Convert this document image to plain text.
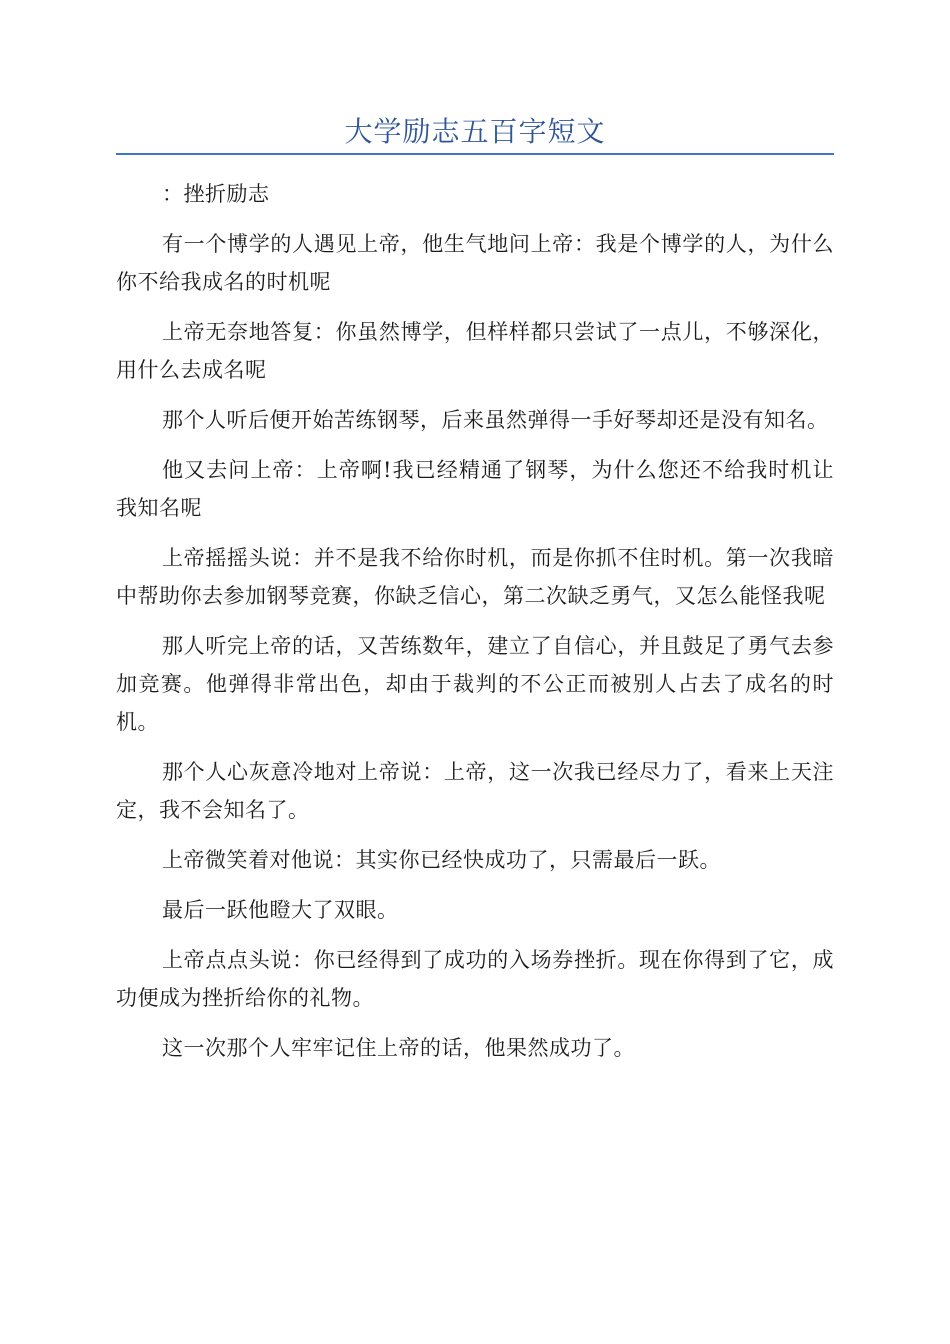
大学励志五百字短文

：挫折励志

有一个博学的人遇见上帝，他生气地问上帝：我是个博学的人，为什么你不给我成名的时机呢

上帝无奈地答复：你虽然博学，但样样都只尝试了一点儿，不够深化，用什么去成名呢

那个人听后便开始苦练钢琴，后来虽然弹得一手好琴却还是没有知名。

他又去问上帝：上帝啊!我已经精通了钢琴，为什么您还不给我时机让我知名呢

上帝摇摇头说：并不是我不给你时机，而是你抓不住时机。第一次我暗中帮助你去参加钢琴竞赛，你缺乏信心，第二次缺乏勇气，又怎么能怪我呢

那人听完上帝的话，又苦练数年，建立了自信心，并且鼓足了勇气去参加竞赛。他弹得非常出色，却由于裁判的不公正而被别人占去了成名的时机。

那个人心灰意冷地对上帝说：上帝，这一次我已经尽力了，看来上天注定，我不会知名了。

上帝微笑着对他说：其实你已经快成功了，只需最后一跃。

最后一跃他瞪大了双眼。

上帝点点头说：你已经得到了成功的入场券挫折。现在你得到了它，成功便成为挫折给你的礼物。

这一次那个人牢牢记住上帝的话，他果然成功了。
